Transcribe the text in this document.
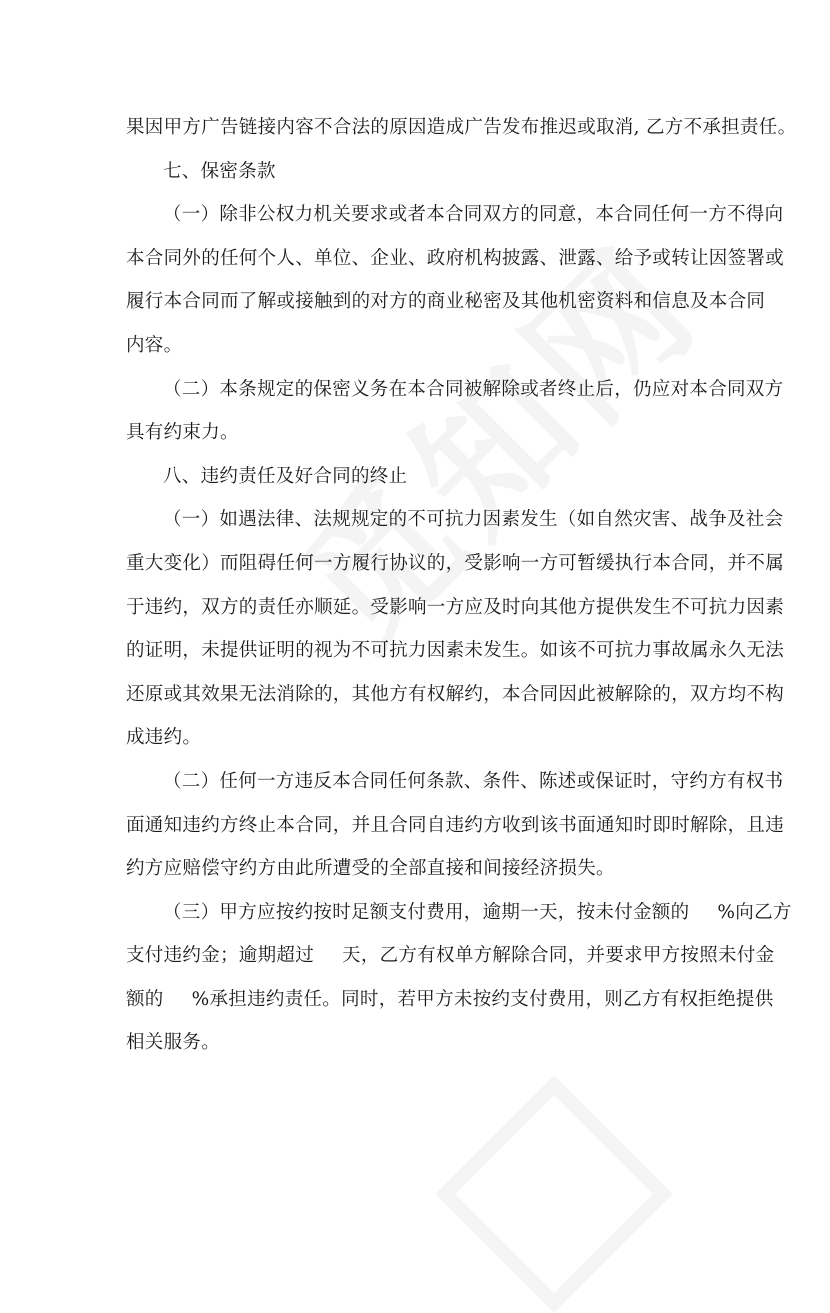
果因甲方广告链接内容不合法的原因造成广告发布推迟或取消, 乙方不承担责任。
七、保密条款
（一）除非公权力机关要求或者本合同双方的同意，本合同任何一方不得向
本合同外的任何个人、单位、企业、政府机构披露、泄露、给予或转让因签署或
履行本合同而了解或接触到的对方的商业秘密及其他机密资料和信息及本合同
内容。
（二）本条规定的保密义务在本合同被解除或者终止后，仍应对本合同双方
具有约束力。
八、违约责任及好合同的终止
（一）如遇法律、法规规定的不可抗力因素发生（如自然灾害、战争及社会
重大变化）而阻碍任何一方履行协议的，受影响一方可暂缓执行本合同，并不属
于违约，双方的责任亦顺延。受影响一方应及时向其他方提供发生不可抗力因素
的证明，未提供证明的视为不可抗力因素未发生。如该不可抗力事故属永久无法
还原或其效果无法消除的，其他方有权解约，本合同因此被解除的，双方均不构
成违约。
（二）任何一方违反本合同任何条款、条件、陈述或保证时，守约方有权书
面通知违约方终止本合同，并且合同自违约方收到该书面通知时即时解除，且违
约方应赔偿守约方由此所遭受的全部直接和间接经济损失。
（三）甲方应按约按时足额支付费用，逾期一天，按未付金额的 %向乙方
支付违约金；逾期超过 天，乙方有权单方解除合同，并要求甲方按照未付金
额的 %承担违约责任。同时，若甲方未按约支付费用，则乙方有权拒绝提供
相关服务。
